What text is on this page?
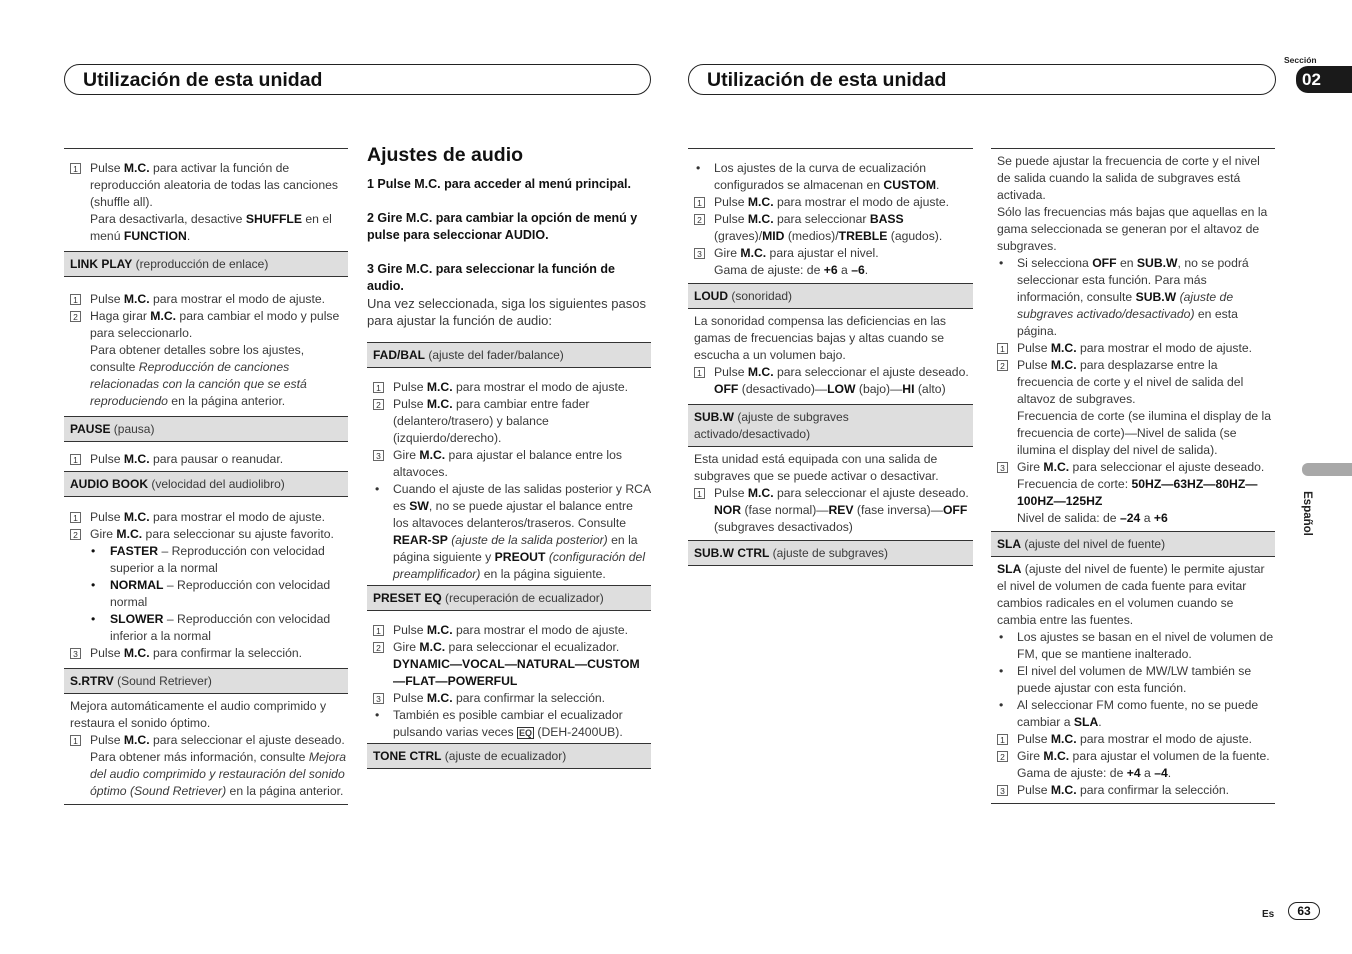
Utilización de esta unidad	Utilización de esta unidad
Sección
02
Español
Es	63
1 Pulse M.C. para activar la función de reproducción aleatoria de todas las canciones (shuffle all).
Para desactivarla, desactive SHUFFLE en el menú FUNCTION.
LINK PLAY (reproducción de enlace)
1 Pulse M.C. para mostrar el modo de ajuste.
2 Haga girar M.C. para cambiar el modo y pulse para seleccionarlo.
Para obtener detalles sobre los ajustes, consulte Reproducción de canciones relacionadas con la canción que se está reproduciendo en la página anterior.
PAUSE (pausa)
1 Pulse M.C. para pausar o reanudar.
AUDIO BOOK (velocidad del audiolibro)
1 Pulse M.C. para mostrar el modo de ajuste.
2 Gire M.C. para seleccionar su ajuste favorito.
• FASTER – Reproducción con velocidad superior a la normal
• NORMAL – Reproducción con velocidad normal
• SLOWER – Reproducción con velocidad inferior a la normal
3 Pulse M.C. para confirmar la selección.
S.RTRV (Sound Retriever)
Mejora automáticamente el audio comprimido y restaura el sonido óptimo.
1 Pulse M.C. para seleccionar el ajuste deseado.
Para obtener más información, consulte Mejora del audio comprimido y restauración del sonido óptimo (Sound Retriever) en la página anterior.
Ajustes de audio
1 Pulse M.C. para acceder al menú principal.
2 Gire M.C. para cambiar la opción de menú y pulse para seleccionar AUDIO.
3 Gire M.C. para seleccionar la función de audio.
Una vez seleccionada, siga los siguientes pasos para ajustar la función de audio:
FAD/BAL (ajuste del fader/balance)
1 Pulse M.C. para mostrar el modo de ajuste.
2 Pulse M.C. para cambiar entre fader (delantero/trasero) y balance (izquierdo/derecho).
3 Gire M.C. para ajustar el balance entre los altavoces.
• Cuando el ajuste de las salidas posterior y RCA es SW, no se puede ajustar el balance entre los altavoces delanteros/traseros. Consulte REAR-SP (ajuste de la salida posterior) en la página siguiente y PREOUT (configuración del preamplificador) en la página siguiente.
PRESET EQ (recuperación de ecualizador)
1 Pulse M.C. para mostrar el modo de ajuste.
2 Gire M.C. para seleccionar el ecualizador.
DYNAMIC—VOCAL—NATURAL—CUSTOM—FLAT—POWERFUL
3 Pulse M.C. para confirmar la selección.
• También es posible cambiar el ecualizador pulsando varias veces EQ (DEH-2400UB).
TONE CTRL (ajuste de ecualizador)
• Los ajustes de la curva de ecualización configurados se almacenan en CUSTOM.
1 Pulse M.C. para mostrar el modo de ajuste.
2 Pulse M.C. para seleccionar BASS (graves)/MID (medios)/TREBLE (agudos).
3 Gire M.C. para ajustar el nivel.
Gama de ajuste: de +6 a –6.
LOUD (sonoridad)
La sonoridad compensa las deficiencias en las gamas de frecuencias bajas y altas cuando se escucha a un volumen bajo.
1 Pulse M.C. para seleccionar el ajuste deseado.
OFF (desactivado)—LOW (bajo)—HI (alto)
SUB.W (ajuste de subgraves activado/desactivado)
Esta unidad está equipada con una salida de subgraves que se puede activar o desactivar.
1 Pulse M.C. para seleccionar el ajuste deseado.
NOR (fase normal)—REV (fase inversa)—OFF (subgraves desactivados)
SUB.W CTRL (ajuste de subgraves)
Se puede ajustar la frecuencia de corte y el nivel de salida cuando la salida de subgraves está activada.
Sólo las frecuencias más bajas que aquellas en la gama seleccionada se generan por el altavoz de subgraves.
• Si selecciona OFF en SUB.W, no se podrá seleccionar esta función. Para más información, consulte SUB.W (ajuste de subgraves activado/desactivado) en esta página.
1 Pulse M.C. para mostrar el modo de ajuste.
2 Pulse M.C. para desplazarse entre la frecuencia de corte y el nivel de salida del altavoz de subgraves.
Frecuencia de corte (se ilumina el display de la frecuencia de corte)—Nivel de salida (se ilumina el display del nivel de salida).
3 Gire M.C. para seleccionar el ajuste deseado.
Frecuencia de corte: 50HZ—63HZ—80HZ—100HZ—125HZ
Nivel de salida: de –24 a +6
SLA (ajuste del nivel de fuente)
SLA (ajuste del nivel de fuente) le permite ajustar el nivel de volumen de cada fuente para evitar cambios radicales en el volumen cuando se cambia entre las fuentes.
• Los ajustes se basan en el nivel de volumen de FM, que se mantiene inalterado.
• El nivel del volumen de MW/LW también se puede ajustar con esta función.
• Al seleccionar FM como fuente, no se puede cambiar a SLA.
1 Pulse M.C. para mostrar el modo de ajuste.
2 Gire M.C. para ajustar el volumen de la fuente.
Gama de ajuste: de +4 a –4.
3 Pulse M.C. para confirmar la selección.
